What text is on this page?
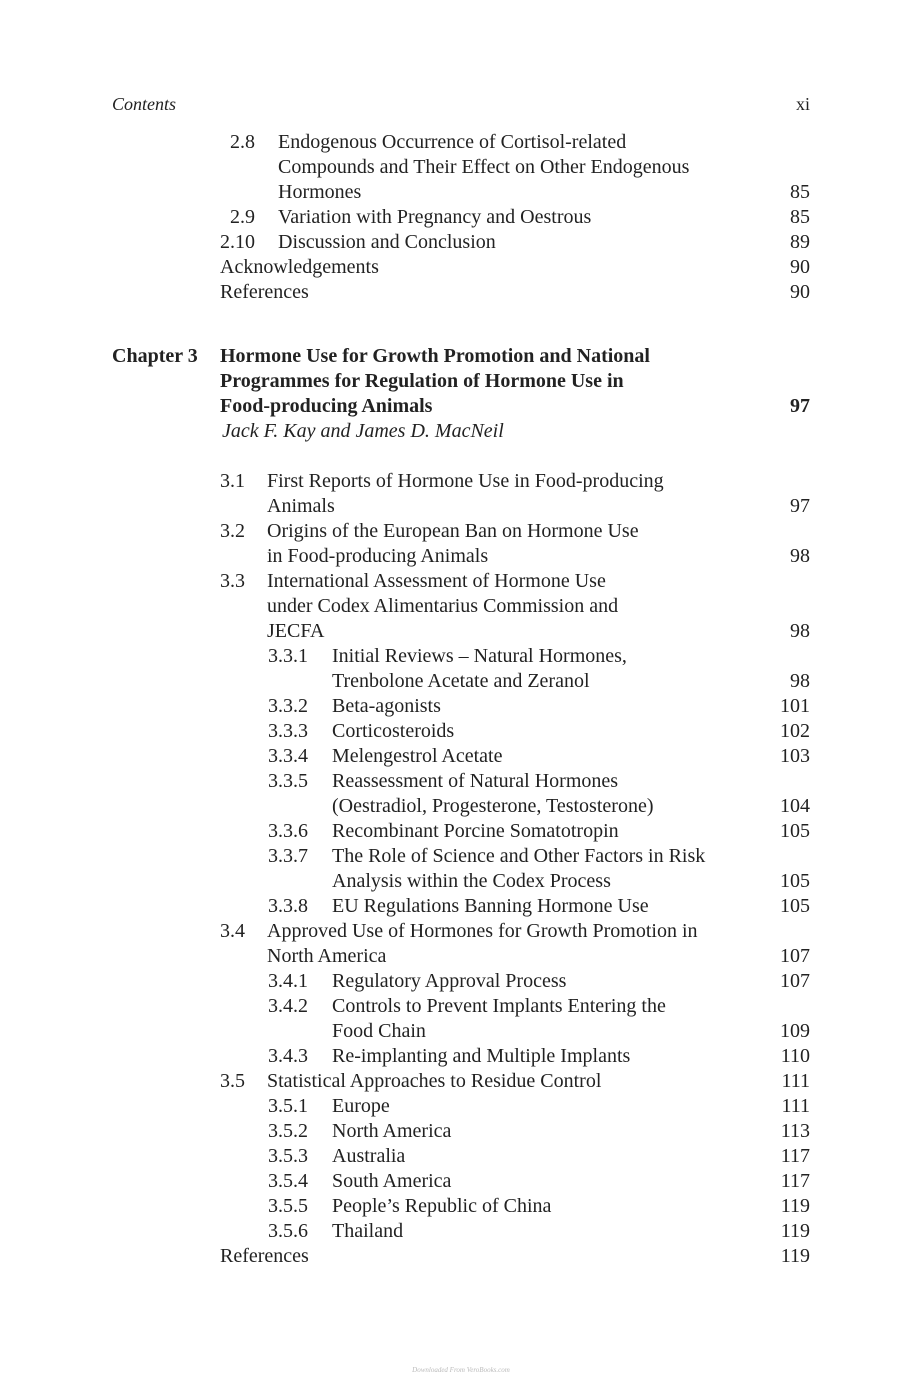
Contents	xi
2.8 Endogenous Occurrence of Cortisol-related
Compounds and Their Effect on Other Endogenous
Hormones	85
2.9 Variation with Pregnancy and Oestrous	85
2.10 Discussion and Conclusion	89
Acknowledgements	90
References	90
Chapter 3 Hormone Use for Growth Promotion and National
Programmes for Regulation of Hormone Use in
Food-producing Animals	97
Jack F. Kay and James D. MacNeil
3.1 First Reports of Hormone Use in Food-producing
Animals	97
3.2 Origins of the European Ban on Hormone Use
in Food-producing Animals	98
3.3 International Assessment of Hormone Use
under Codex Alimentarius Commission and
JECFA	98
3.3.1 Initial Reviews – Natural Hormones,
Trenbolone Acetate and Zeranol	98
3.3.2 Beta-agonists	101
3.3.3 Corticosteroids	102
3.3.4 Melengestrol Acetate	103
3.3.5 Reassessment of Natural Hormones
(Oestradiol, Progesterone, Testosterone)	104
3.3.6 Recombinant Porcine Somatotropin	105
3.3.7 The Role of Science and Other Factors in Risk
Analysis within the Codex Process	105
3.3.8 EU Regulations Banning Hormone Use	105
3.4 Approved Use of Hormones for Growth Promotion in
North America	107
3.4.1 Regulatory Approval Process	107
3.4.2 Controls to Prevent Implants Entering the
Food Chain	109
3.4.3 Re-implanting and Multiple Implants	110
3.5 Statistical Approaches to Residue Control	111
3.5.1 Europe	111
3.5.2 North America	113
3.5.3 Australia	117
3.5.4 South America	117
3.5.5 People’s Republic of China	119
3.5.6 Thailand	119
References	119
Downloaded From VeroBooks.com
